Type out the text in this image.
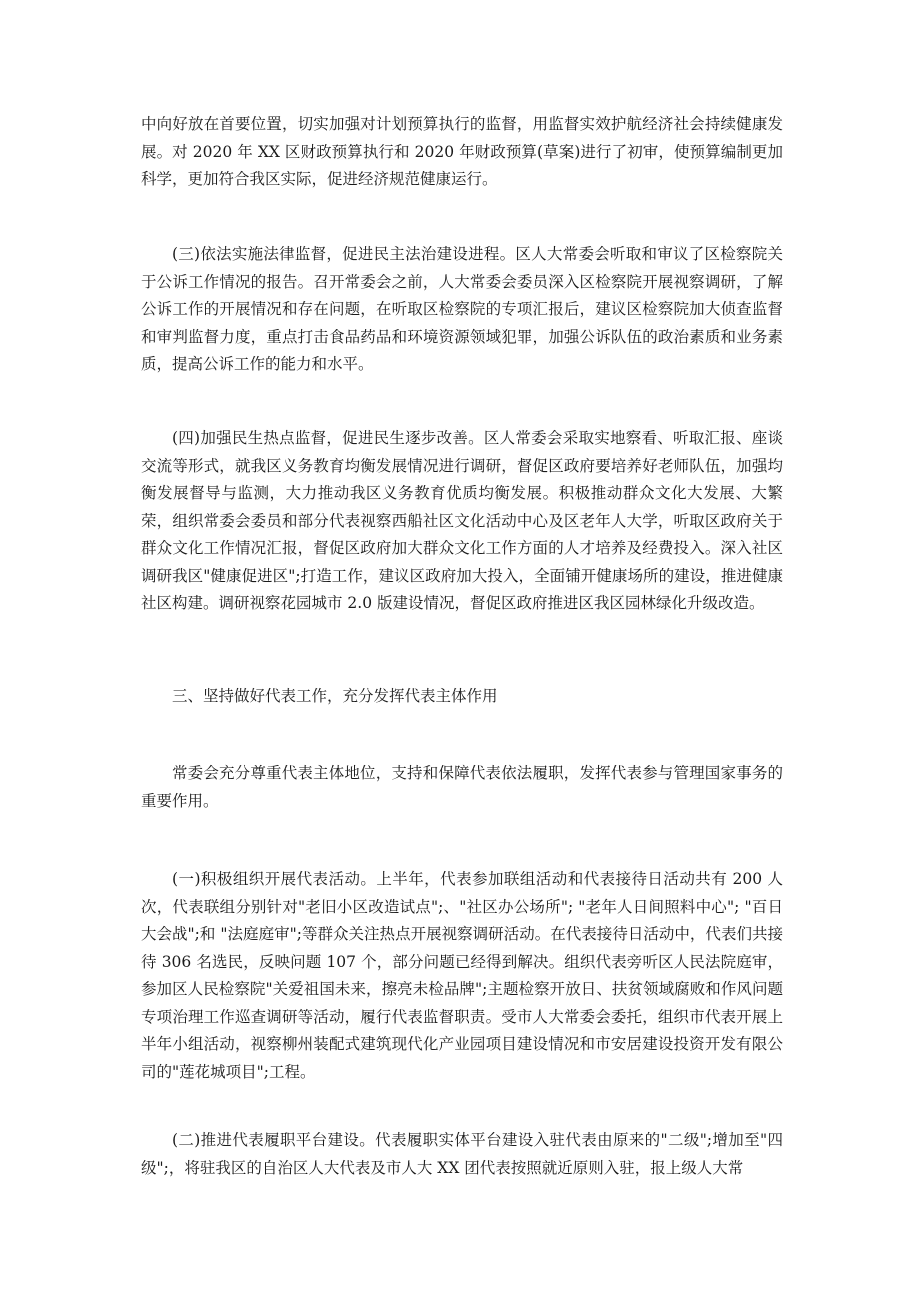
中向好放在首要位置，切实加强对计划预算执行的监督，用监督实效护航经济社会持续健康发展。对 2020 年 XX 区财政预算执行和 2020 年财政预算(草案)进行了初审，使预算编制更加科学，更加符合我区实际，促进经济规范健康运行。

(三)依法实施法律监督，促进民主法治建设进程。区人大常委会听取和审议了区检察院关于公诉工作情况的报告。召开常委会之前，人大常委会委员深入区检察院开展视察调研，了解公诉工作的开展情况和存在问题，在听取区检察院的专项汇报后，建议区检察院加大侦查监督和审判监督力度，重点打击食品药品和环境资源领域犯罪，加强公诉队伍的政治素质和业务素质，提高公诉工作的能力和水平。

(四)加强民生热点监督，促进民生逐步改善。区人常委会采取实地察看、听取汇报、座谈交流等形式，就我区义务教育均衡发展情况进行调研，督促区政府要培养好老师队伍，加强均衡发展督导与监测，大力推动我区义务教育优质均衡发展。积极推动群众文化大发展、大繁荣，组织常委会委员和部分代表视察西船社区文化活动中心及区老年人大学，听取区政府关于群众文化工作情况汇报，督促区政府加大群众文化工作方面的人才培养及经费投入。深入社区调研我区"健康促进区";打造工作，建议区政府加大投入，全面铺开健康场所的建设，推进健康社区构建。调研视察花园城市 2.0 版建设情况，督促区政府推进区我区园林绿化升级改造。

三、坚持做好代表工作，充分发挥代表主体作用

常委会充分尊重代表主体地位，支持和保障代表依法履职，发挥代表参与管理国家事务的重要作用。

(一)积极组织开展代表活动。上半年，代表参加联组活动和代表接待日活动共有 200 人次，代表联组分别针对"老旧小区改造试点";、"社区办公场所"; "老年人日间照料中心"; "百日大会战";和 "法庭庭审";等群众关注热点开展视察调研活动。在代表接待日活动中，代表们共接待 306 名选民，反映问题 107 个，部分问题已经得到解决。组织代表旁听区人民法院庭审，参加区人民检察院"关爱祖国未来，擦亮未检品牌";主题检察开放日、扶贫领域腐败和作风问题专项治理工作巡查调研等活动，履行代表监督职责。受市人大常委会委托，组织市代表开展上半年小组活动，视察柳州装配式建筑现代化产业园项目建设情况和市安居建设投资开发有限公司的"莲花城项目";工程。

(二)推进代表履职平台建设。代表履职实体平台建设入驻代表由原来的"二级";增加至"四级";，将驻我区的自治区人大代表及市人大 XX 团代表按照就近原则入驻，报上级人大常
